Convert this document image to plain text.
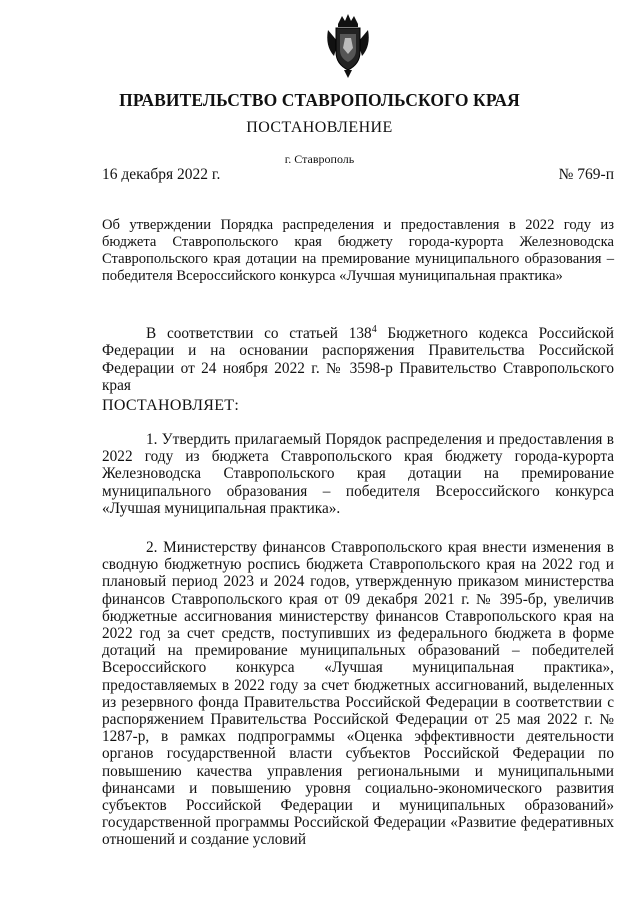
ПРАВИТЕЛЬСТВО СТАВРОПОЛЬСКОГО КРАЯ
ПОСТАНОВЛЕНИЕ
г. Ставрополь
16 декабря 2022 г.	№ 769-п
Об утверждении Порядка распределения и предоставления в 2022 году из бюджета Ставропольского края бюджету города-курорта Железноводска Ставропольского края дотации на премирование муниципального образования – победителя Всероссийского конкурса «Лучшая муниципальная практика»
В соответствии со статьей $138^4$ Бюджетного кодекса Российской Федерации и на основании распоряжения Правительства Российской Федерации от 24 ноября 2022 г. № 3598-р Правительство Ставропольского края
ПОСТАНОВЛЯЕТ:
1. Утвердить прилагаемый Порядок распределения и предоставления в 2022 году из бюджета Ставропольского края бюджету города-курорта Железноводска Ставропольского края дотации на премирование муниципального образования – победителя Всероссийского конкурса «Лучшая муниципальная практика».
2. Министерству финансов Ставропольского края внести изменения в сводную бюджетную роспись бюджета Ставропольского края на 2022 год и плановый период 2023 и 2024 годов, утвержденную приказом министерства финансов Ставропольского края от 09 декабря 2021 г. № 395-бр, увеличив бюджетные ассигнования министерству финансов Ставропольского края на 2022 год за счет средств, поступивших из федерального бюджета в форме дотаций на премирование муниципальных образований – победителей Всероссийского конкурса «Лучшая муниципальная практика», предоставляемых в 2022 году за счет бюджетных ассигнований, выделенных из резервного фонда Правительства Российской Федерации в соответствии с распоряжением Правительства Российской Федерации от 25 мая 2022 г. № 1287-р, в рамках подпрограммы «Оценка эффективности деятельности органов государственной власти субъектов Российской Федерации по повышению качества управления региональными и муниципальными финансами и повышению уровня социально-экономического развития субъектов Российской Федерации и муниципальных образований» государственной программы Российской Федерации «Развитие федеративных отношений и создание условий
